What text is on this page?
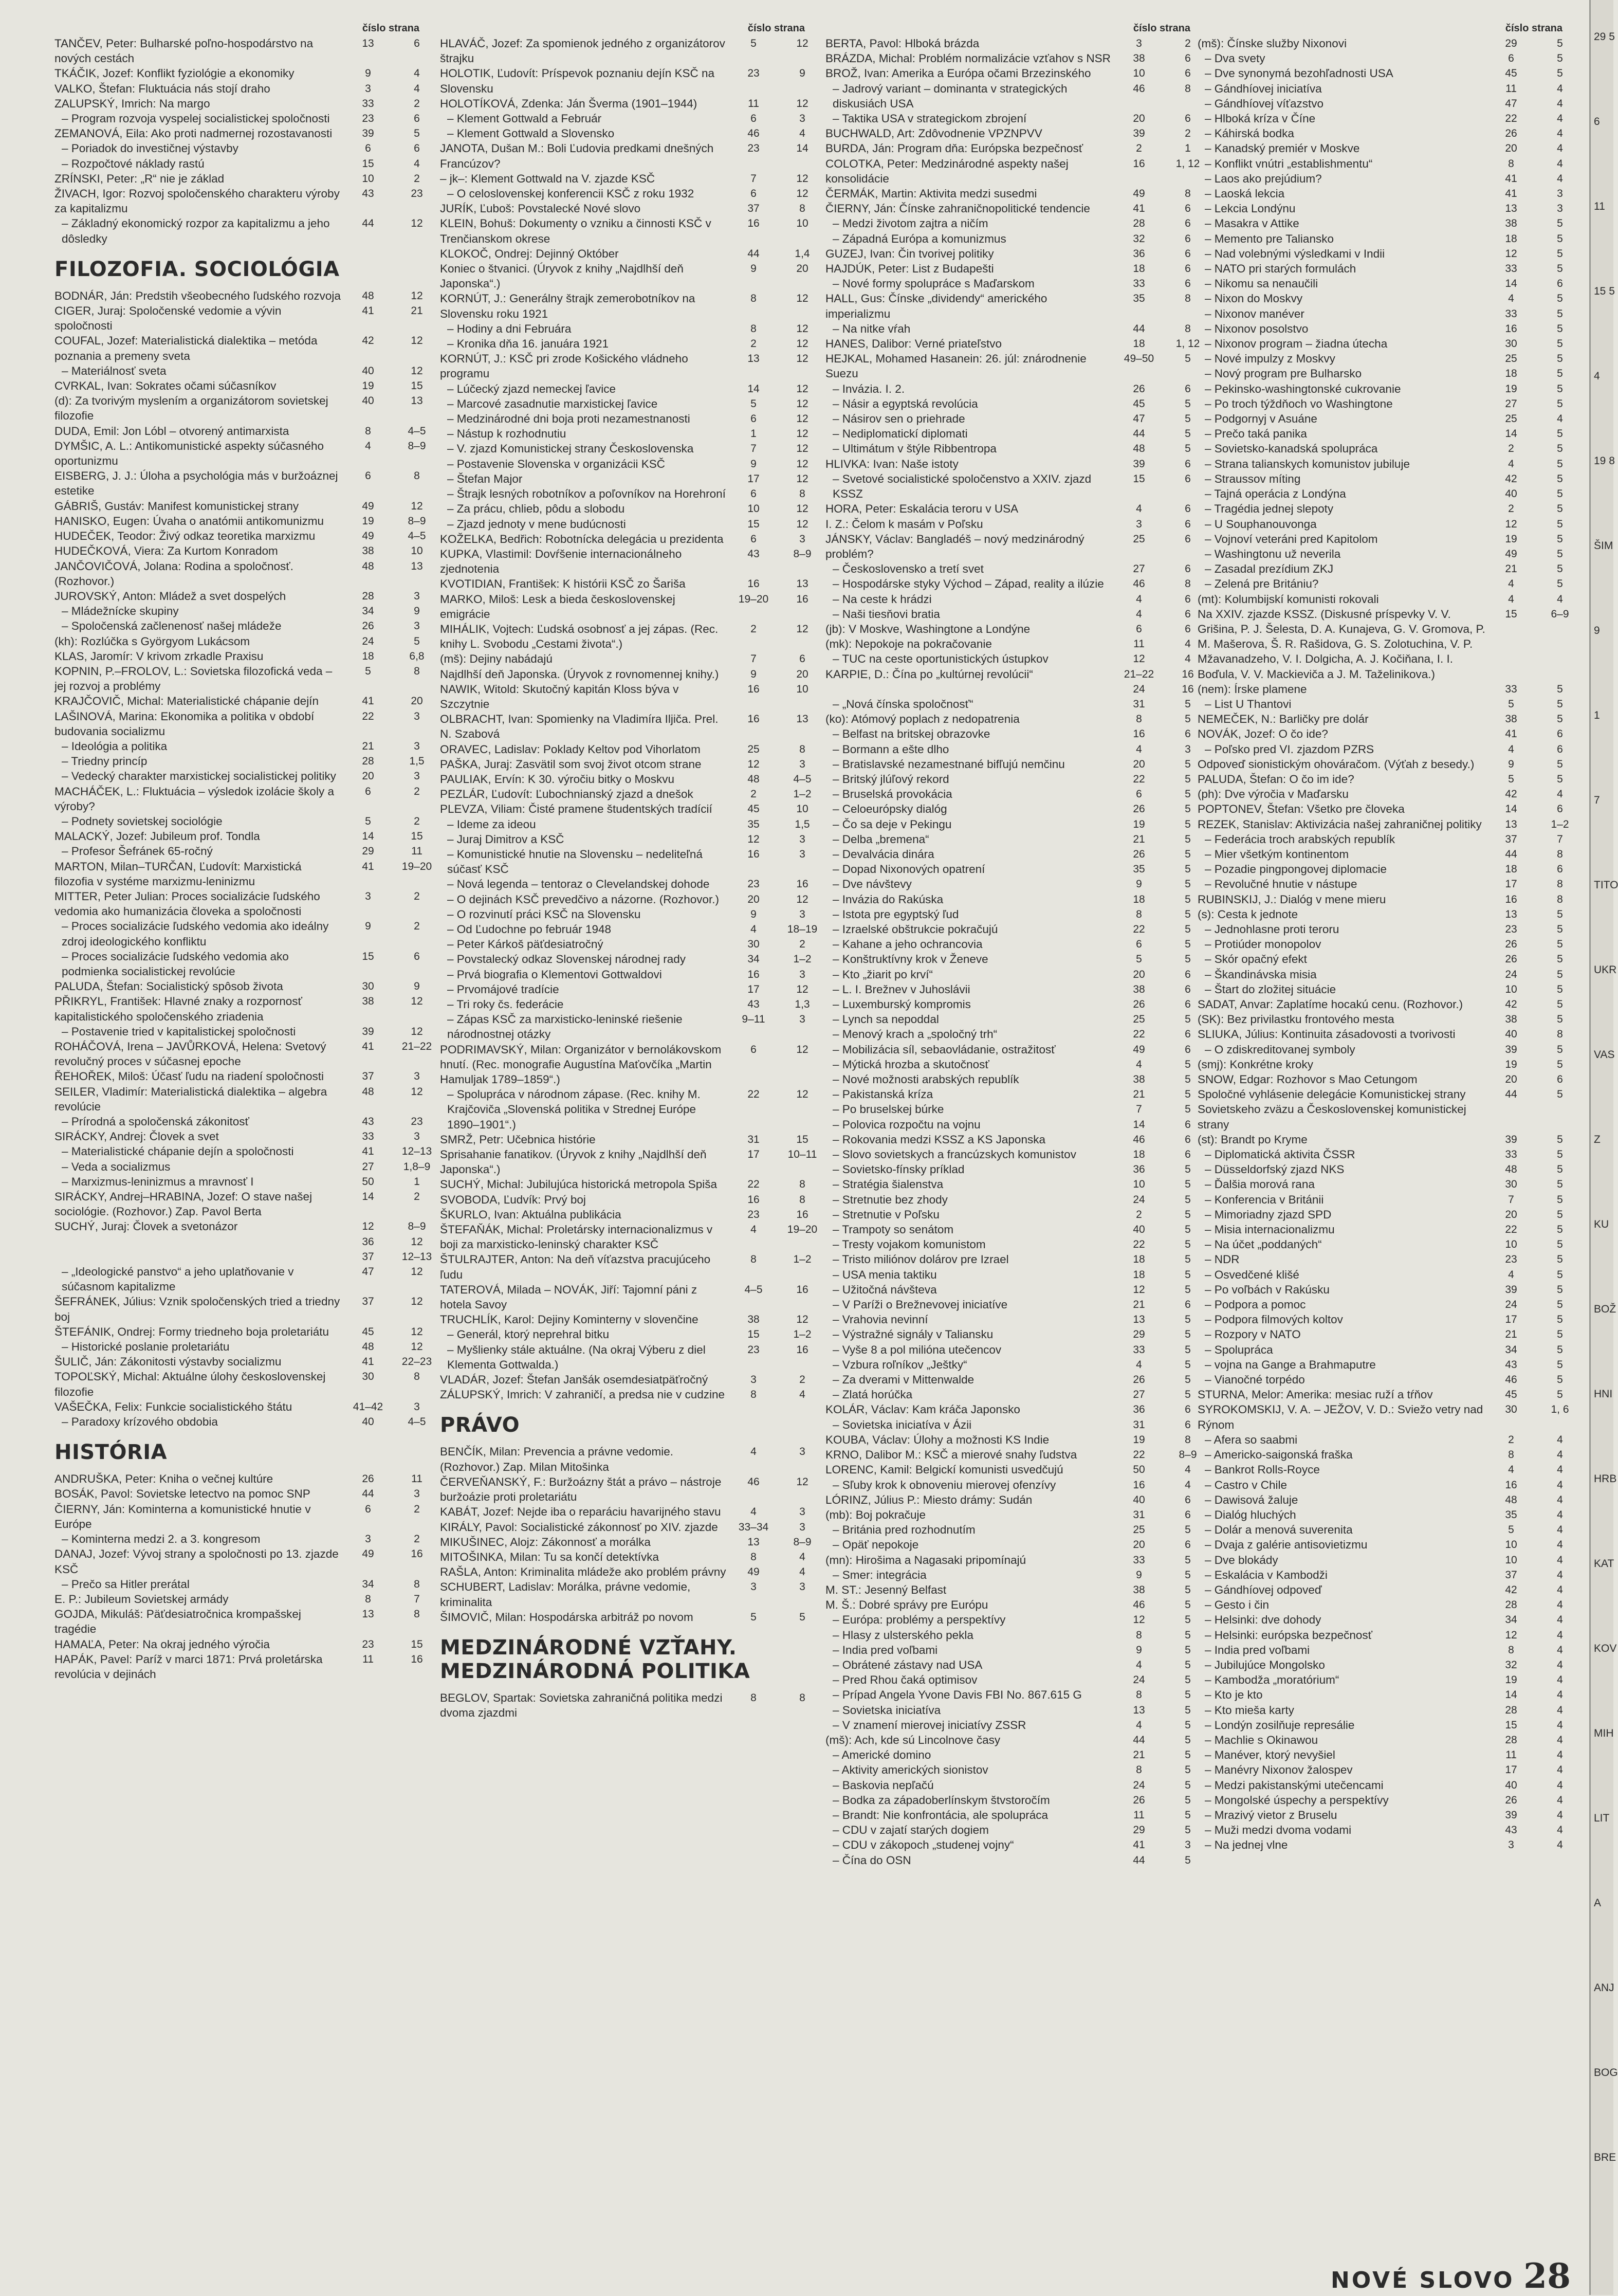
číslo strana
TANČEV, Peter: Bulharské poľno-hospodárstvo na nových cestách
13	6
TKÁČIK, Jozef: Konflikt fyziológie a ekonomiky	9	4
VALKO, Štefan: Fluktuácia nás stojí draho	3	4
ZALUPSKÝ, Imrich: Na margo	33	2
– Program rozvoja vyspelej socialistickej spoločnosti	23	6
ZEMANOVÁ, Eila: Ako proti nadmernej rozostavanosti	39	5
– Poriadok do investičnej výstavby	6	6
– Rozpočtové náklady rastú	15	4
ZRÍNSKI, Peter: „R“ nie je základ	10	2
ŽIVACH, Igor: Rozvoj spoločenského charakteru výroby za kapitalizmu
43	23
– Základný ekonomický rozpor za kapitalizmu a jeho dôsledky
44	12
FILOZOFIA. SOCIOLÓGIA
BODNÁR, Ján: Predstih všeobecného ľudského rozvoja	48	12
CIGER, Juraj: Spoločenské vedomie a vývin spoločnosti
41	21
COUFAL, Jozef: Materialistická dialektika – metóda poznania a premeny sveta
42	12
– Materiálnosť sveta	40	12
CVRKAL, Ivan: Sokrates očami súčasníkov	19	15
(d): Za tvorivým myslením a organizátorom sovietskej filozofie
40	13
DUDA, Emil: Jon Lóbl – otvorený antimarxista	8	4–5
DYMŠIC, A. L.: Antikomunistické aspekty súčasného oportunizmu
4	8–9
EISBERG, J. J.: Úloha a psychológia más v buržoáznej estetike
6	8
GÁBRIŠ, Gustáv: Manifest komunistickej strany	49	12
HANISKO, Eugen: Úvaha o anatómii antikomunizmu	19	8–9
HUDEČEK, Teodor: Živý odkaz teoretika marxizmu	49	4–5
HUDEČKOVÁ, Viera: Za Kurtom Konradom	38	10
JANČOVIČOVÁ, Jolana: Rodina a spoločnosť. (Rozhovor.)
48	13
JUROVSKÝ, Anton: Mládež a svet dospelých	28	3
– Mládežnícke skupiny	34	9
– Spoločenská začlenenosť našej mládeže	26	3
(kh): Rozlúčka s Györgyom Lukácsom	24	5
KLAS, Jaromír: V krivom zrkadle Praxisu	18	6,8
KOPNIN, P.–FROLOV, L.: Sovietska filozofická veda – jej rozvoj a problémy
5	8
KRAJČOVIČ, Michal: Materialistické chápanie dejín	41	20
LAŠINOVÁ, Marina: Ekonomika a politika v období budovania socializmu
22	3
– Ideológia a politika	21	3
– Triedny princíp	28	1,5
– Vedecký charakter marxistickej socialistickej politiky	20	3
MACHÁČEK, L.: Fluktuácia – výsledok izolácie školy a výroby?
6	2
– Podnety sovietskej sociológie	5	2
MALACKÝ, Jozef: Jubileum prof. Tondla	14	15
– Profesor Šefránek 65-ročný	29	11
MARTON, Milan–TURČAN, Ľudovít: Marxistická filozofia v systéme marxizmu-leninizmu
41	19–20
MITTER, Peter Julian: Proces socializácie ľudského vedomia ako humanizácia človeka a spoločnosti
3	2
– Proces socializácie ľudského vedomia ako ideálny zdroj ideologického konfliktu
9	2
– Proces socializácie ľudského vedomia ako podmienka socialistickej revolúcie
15	6
PALUDA, Štefan: Socialistický spôsob života	30	9
PŘIKRYL, František: Hlavné znaky a rozpornosť kapitalistického spoločenského zriadenia
38	12
– Postavenie tried v kapitalistickej spoločnosti	39	12
ROHÁČOVÁ, Irena – JAVŮRKOVÁ, Helena: Svetový revolučný proces v súčasnej epoche
41	21–22
ŘEHOŘEK, Miloš: Účasť ľudu na riadení spoločnosti	37	3
SEILER, Vladimír: Materialistická dialektika – algebra revolúcie
48	12
– Prírodná a spoločenská zákonitosť	43	23
SIRÁCKY, Andrej: Človek a svet	33	3
– Materialistické chápanie dejín a spoločnosti	41	12–13
– Veda a socializmus	27	1,8–9
– Marxizmus-leninizmus a mravnosť I	50	1
SIRÁCKY, Andrej–HRABINA, Jozef: O stave našej sociológie. (Rozhovor.) Zap. Pavol Berta
14	2
SUCHÝ, Juraj: Človek a svetonázor	12	8–9
36	12
37	12–13
– „Ideologické panstvo“ a jeho uplatňovanie v súčasnom kapitalizme
47	12
ŠEFRÁNEK, Július: Vznik spoločenských tried a triedny boj
37	12
ŠTEFÁNIK, Ondrej: Formy triedneho boja proletariátu	45	12
– Historické poslanie proletariátu	48	12
ŠULIČ, Ján: Zákonitosti výstavby socializmu	41	22–23
TOPOĽSKÝ, Michal: Aktuálne úlohy československej filozofie
30	8
VAŠEČKA, Felix: Funkcie socialistického štátu	41–42	3
– Paradoxy krízového obdobia	40	4–5
HISTÓRIA
ANDRUŠKA, Peter: Kniha o večnej kultúre	26	11
BOSÁK, Pavol: Sovietske letectvo na pomoc SNP	44	3
ČIERNY, Ján: Kominterna a komunistické hnutie v Európe
6	2
– Kominterna medzi 2. a 3. kongresom	3	2
DANAJ, Jozef: Vývoj strany a spoločnosti po 13. zjazde KSČ
49	16
– Prečo sa Hitler prerátal	34	8
E. P.: Jubileum Sovietskej armády	8	7
GOJDA, Mikuláš: Päťdesiatročnica krompašskej tragédie
13	8
HAMAĽA, Peter: Na okraj jedného výročia	23	15
HAPÁK, Pavel: Paríž v marci 1871: Prvá proletárska revolúcia v dejinách
11	16
číslo strana
HLAVÁČ, Jozef: Za spomienok jedného z organizátorov štrajku
5	12
HOLOTIK, Ľudovít: Príspevok poznaniu dejín KSČ na Slovensku
23	9
HOLOTÍKOVÁ, Zdenka: Ján Šverma (1901–1944)	11	12
– Klement Gottwald a Február	6	3
– Klement Gottwald a Slovensko	46	4
JANOTA, Dušan M.: Boli Ľudovia predkami dnešných Francúzov?
23	14
– jk–: Klement Gottwald na V. zjazde KSČ	7	12
– O celoslovenskej konferencii KSČ z roku 1932	6	12
JURÍK, Ľuboš: Povstalecké Nové slovo	37	8
KLEIN, Bohuš: Dokumenty o vzniku a činnosti KSČ v Trenčianskom okrese
16	10
KLOKOČ, Ondrej: Dejinný Október	44	1,4
Koniec o štvanici. (Úryvok z knihy „Najdlhší deň Japonska“.)
9	20
KORNÚT, J.: Generálny štrajk zemerobotníkov na Slovensku roku 1921
8	12
– Hodiny a dni Februára	8	12
– Kronika dňa 16. januára 1921	2	12
KORNÚT, J.: KSČ pri zrode Košického vládneho programu
13	12
– Lúčecký zjazd nemeckej ľavice	14	12
– Marcové zasadnutie marxistickej ľavice	5	12
– Medzinárodné dni boja proti nezamestnanosti	6	12
– Nástup k rozhodnutiu	1	12
– V. zjazd Komunistickej strany Československa	7	12
– Postavenie Slovenska v organizácii KSČ	9	12
– Štefan Major	17	12
– Štrajk lesných robotníkov a poľovníkov na Horehroní	6	8
– Za prácu, chlieb, pôdu a slobodu	10	12
– Zjazd jednoty v mene budúcnosti	15	12
KOŽELKA, Bedřich: Robotnícka delegácia u prezidenta	6	3
KUPKA, Vlastimil: Dovŕšenie internacionálneho zjednotenia
43	8–9
KVOTIDIAN, František: K histórii KSČ zo Šariša	16	13
MARKO, Miloš: Lesk a bieda československej emigrácie
19–20	16
MIHÁLIK, Vojtech: Ľudská osobnosť a jej zápas. (Rec. knihy L. Svobodu „Cestami života“.)
2	12
(mš): Dejiny nabádajú	7	6
Najdlhší deň Japonska. (Úryvok z rovnomennej knihy.)	9	20
NAWIK, Witold: Skutočný kapitán Kloss býva v Szczytnie
16	10
OLBRACHT, Ivan: Spomienky na Vladimíra Iljiča. Prel. N. Szabová
16	13
ORAVEC, Ladislav: Poklady Keltov pod Vihorlatom	25	8
PAŠKA, Juraj: Zasvätil som svoj život otcom strane	12	3
PAULIAK, Ervín: K 30. výročiu bitky o Moskvu	48	4–5
PEZLÁR, Ľudovít: Ľubochnianský zjazd a dnešok	2	1–2
PLEVZA, Viliam: Čisté pramene študentských tradícií	45	10
– Ideme za ideou	35	1,5
– Juraj Dimitrov a KSČ	12	3
– Komunistické hnutie na Slovensku – nedeliteľná súčasť KSČ
16	3
– Nová legenda – tentoraz o Clevelandskej dohode	23	16
– O dejinách KSČ prevedčivo a názorne. (Rozhovor.)	20	12
– O rozvinutí práci KSČ na Slovensku	9	3
– Od Ľudochne po február 1948	4	18–19
– Peter Kárkoš päťdesiatročný	30	2
– Povstalecký odkaz Slovenskej národnej rady	34	1–2
– Prvá biografia o Klementovi Gottwaldovi	16	3
– Prvomájové tradície	17	12
– Tri roky čs. federácie	43	1,3
– Zápas KSČ za marxisticko-leninské riešenie národnostnej otázky
9–11	3
PODRIMAVSKÝ, Milan: Organizátor v bernolákovskom hnutí. (Rec. monografie Augustína Maťovčíka „Martin Hamuljak 1789–1859“.)
6	12
– Spolupráca v národnom zápase. (Rec. knihy M. Krajčoviča „Slovenská politika v Strednej Európe 1890–1901“.)
22	12
SMRŽ, Petr: Učebnica histórie	31	15
Sprisahanie fanatikov. (Úryvok z knihy „Najdlhší deň Japonska“.)
17	10–11
SUCHÝ, Michal: Jubilujúca historická metropola Spiša	22	8
SVOBODA, Ľudvík: Prvý boj	16	8
ŠKURLO, Ivan: Aktuálna publikácia	23	16
ŠTEFAŇÁK, Michal: Proletársky internacionalizmus v boji za marxisticko-leninský charakter KSČ
4	19–20
ŠTULRAJTER, Anton: Na deň víťazstva pracujúceho ľudu
8	1–2
TATEROVÁ, Milada – NOVÁK, Jiří: Tajomní páni z hotela Savoy
4–5	16
TRUCHLÍK, Karol: Dejiny Kominterny v slovenčine	38	12
– Generál, ktorý neprehral bitku	15	1–2
– Myšlienky stále aktuálne. (Na okraj Výberu z diel Klementa Gottwalda.)
23	16
VLADÁR, Jozef: Štefan Janšák osemdesiatpäťročný	3	2
ZÁLUPSKÝ, Imrich: V zahraničí, a predsa nie v cudzine	8	4
PRÁVO
BENČÍK, Milan: Prevencia a právne vedomie. (Rozhovor.) Zap. Milan Mitošinka
4	3
ČERVEŇANSKÝ, F.: Buržoázny štát a právo – nástroje buržoázie proti proletariátu
46	12
KABÁT, Jozef: Nejde iba o reparáciu havarijného stavu	4	3
KIRÁLY, Pavol: Socialistické zákonnosť po XIV. zjazde	33–34	3
MIKUŠINEC, Alojz: Zákonnosť a morálka	13	8–9
MITOŠINKA, Milan: Tu sa končí detektívka	8	4
RAŠLA, Anton: Kriminalita mládeže ako problém právny	49	4
SCHUBERT, Ladislav: Morálka, právne vedomie, kriminalita
3	3
ŠIMOVIČ, Milan: Hospodárska arbitráž po novom	5	5
MEDZINÁRODNÉ VZŤAHY. MEDZINÁRODNÁ POLITIKA
BEGLOV, Spartak: Sovietska zahraničná politika medzi dvoma zjazdmi
8	8
číslo strana
BERTA, Pavol: Hlboká brázda	3	2
BRÁZDA, Michal: Problém normalizácie vzťahov s NSR	38	6
BROŽ, Ivan: Amerika a Európa očami Brzezinského	10	6
– Jadrový variant – dominanta v strategických diskusiách USA
46	8
– Taktika USA v strategickom zbrojení	20	6
BUCHWALD, Art: Zdôvodnenie VPZNPVV	39	2
BURDA, Ján: Program dňa: Európska bezpečnosť	2	1
COLOTKA, Peter: Medzinárodné aspekty našej konsolidácie
16	1, 12
ČERMÁK, Martin: Aktivita medzi susedmi	49	8
ČIERNY, Ján: Čínske zahraničnopolitické tendencie	41	6
– Medzi životom zajtra a ničím	28	6
– Západná Európa a komunizmus	32	6
GUZEJ, Ivan: Čin tvorivej politiky	36	6
HAJDÚK, Peter: List z Budapešti	18	6
– Nové formy spolupráce s Maďarskom	33	6
HALL, Gus: Čínske „dividendy“ amerického imperializmu
35	8
– Na nitke vŕah	44	8
HANES, Dalibor: Verné priateľstvo	18	1, 12
HEJKAL, Mohamed Hasanein: 26. júl: znárodnenie Suezu
49–50	5
– Invázia. I. 2.	26	6
– Násir a egyptská revolúcia	45	5
– Násirov sen o priehrade	47	5
– Nediplomatickí diplomati	44	5
– Ultimátum v štýle Ribbentropa	48	5
HLIVKA: Ivan: Naše istoty	39	6
– Svetové socialistické spoločenstvo a XXIV. zjazd KSSZ
15	6
HORA, Peter: Eskalácia teroru v USA	4	6
I. Z.: Čelom k masám v Poľsku	3	6
JÁNSKY, Václav: Bangladéš – nový medzinárodný problém?
25	6
– Československo a tretí svet	27	6
– Hospodárske styky Východ – Západ, reality a ilúzie	46	8
– Na ceste k hrádzi	4	6
– Naši tiesňovi bratia	4	6
(jb): V Moskve, Washingtone a Londýne	6	6
(mk): Nepokoje na pokračovanie	11	4
– TUC na ceste oportunistických ústupkov	12	4
KARPIE, D.: Čína po „kultúrnej revolúcii“	21–22	16
24	16
– „Nová čínska spoločnosť“	31	5
(ko): Atómový poplach z nedopatrenia	8	5
– Belfast na britskej obrazovke	16	6
– Bormann a ešte dlho	4	3
– Bratislavské nezamestnané bifľujú nemčinu	20	5
– Britský jlúľový rekord	22	5
– Bruselská provokácia	6	5
– Celoeurópsky dialóg	26	5
– Čo sa deje v Pekingu	19	5
– Delba „bremena“	21	5
– Devalvácia dinára	26	5
– Dopad Nixonových opatrení	35	5
– Dve návštevy	9	5
– Invázia do Rakúska	18	5
– Istota pre egyptský ľud	8	5
– Izraelské obštrukcie pokračujú	22	5
– Kahane a jeho ochrancovia	6	5
– Konštruktívny krok v Ženeve	5	5
– Kto „žiarit po krví“	20	6
– L. I. Brežnev v Juhoslávii	38	6
– Luxemburský kompromis	26	6
– Lynch sa nepoddal	25	5
– Menový krach a „spoločný trh“	22	6
– Mobilizácia síl, sebaovládanie, ostražitosť	49	6
– Mýtická hrozba a skutočnosť	4	5
– Nové možnosti arabských republík	38	5
– Pakistanská kríza	21	5
– Po bruselskej búrke	7	5
– Polovica rozpočtu na vojnu	14	6
– Rokovania medzi KSSZ a KS Japonska	46	6
– Slovo sovietskych a francúzskych komunistov	18	6
– Sovietsko-fínsky príklad	36	5
– Stratégia šialenstva	10	5
– Stretnutie bez zhody	24	5
– Stretnutie v Poľsku	2	5
– Trampoty so senátom	40	5
– Tresty vojakom komunistom	22	5
– Tristo miliónov dolárov pre Izrael	18	5
– USA menia taktiku	18	5
– Užitočná návšteva	12	5
– V Paríži o Brežnevovej iniciatíve	21	6
– Vrahovia nevinní	13	5
– Výstražné signály v Taliansku	29	5
– Vyše 8 a pol milióna utečencov	33	5
– Vzbura roľníkov „Ještky“	4	5
– Za dverami v Mittenwalde	26	5
– Zlatá horúčka	27	5
KOLÁR, Václav: Kam kráča Japonsko	36	6
– Sovietska iniciatíva v Ázii	31	6
KOUBA, Václav: Úlohy a možnosti KS Indie	19	8
KRNO, Dalibor M.: KSČ a mierové snahy ľudstva	22	8–9
LORENC, Kamil: Belgickí komunisti usvedčujú	50	4
– Sľuby krok k obnoveniu mierovej ofenzívy	16	4
LÓRINZ, Július P.: Miesto drámy: Sudán	40	6
(mb): Boj pokračuje	31	6
– Británia pred rozhodnutím	25	5
– Opäť nepokoje	20	6
(mn): Hirošima a Nagasaki pripomínajú	33	5
– Smer: integrácia	9	5
M. ST.: Jesenný Belfast	38	5
M. Š.: Dobré správy pre Európu	46	5
– Európa: problémy a perspektívy	12	5
– Hlasy z ulsterského pekla	8	5
– India pred voľbami	9	5
– Obrátené zástavy nad USA	4	5
– Pred Rhou čaká optimisov	24	5
– Prípad Angela Yvone Davis FBI No. 867.615 G	8	5
– Sovietska iniciatíva	13	5
– V znamení mierovej iniciatívy ZSSR	4	5
(mš): Ach, kde sú Lincolnove časy	44	5
– Americké domino	21	5
– Aktivity amerických sionistov	8	5
– Baskovia nepľačú	24	5
– Bodka za západoberlínskym štvstoročím	26	5
– Brandt: Nie konfrontácia, ale spolupráca	11	5
– CDU v zajatí starých dogiem	29	5
– CDU v zákopoch „studenej vojny“	41	3
– Čína do OSN	44	5
číslo strana
(mš): Čínske služby Nixonovi	29	5
– Dva svety	6	5
– Dve synonymá bezohľadnosti USA	45	5
– Gándhíovej iniciatíva	11	4
– Gándhíovej víťazstvo	47	4
– Hlboká kríza v Číne	22	4
– Káhirská bodka	26	4
– Kanadský premiér v Moskve	20	4
– Konflikt vnútri „establishmentu“	8	4
– Laos ako prejúdium?	41	4
– Laoská lekcia	41	3
– Lekcia Londýnu	13	3
– Masakra v Attike	38	5
– Memento pre Taliansko	18	5
– Nad volebnými výsledkami v Indii	12	5
– NATO pri starých formulách	33	5
– Nikomu sa nenaučili	14	6
– Nixon do Moskvy	4	5
– Nixonov manéver	33	5
– Nixonov posolstvo	16	5
– Nixonov program – žiadna útecha	30	5
– Nové impulzy z Moskvy	25	5
– Nový program pre Bulharsko	18	5
– Pekinsko-washingtonské cukrovanie	19	5
– Po troch týždňoch vo Washingtone	27	5
– Podgornyj v Asuáne	25	4
– Prečo taká panika	14	5
– Sovietsko-kanadská spolupráca	2	5
– Strana talianskych komunistov jubiluje	4	5
– Straussov míting	42	5
– Tajná operácia z Londýna	40	5
– Tragédia jednej slepoty	2	5
– U Souphanouvonga	12	5
– Vojnoví veteráni pred Kapitolom	19	5
– Washingtonu už neverila	49	5
– Zasadal prezídium ZKJ	21	5
– Zelená pre Britániu?	4	5
(mt): Kolumbijskí komunisti rokovali	4	4
Na XXIV. zjazde KSSZ. (Diskusné príspevky V. V. Grišina, P. J. Šelesta, D. A. Kunajeva, G. V. Gromova, P. M. Mašerova, Š. R. Rašidova, G. S. Zolotuchina, V. P. Mžavanadzeho, V. I. Dolgicha, A. J. Kočiňana, I. I. Boďula, V. V. Mackieviča a J. M. Taželinikova.)
15	6–9
(nem): Írske plamene	33	5
– List U Thantovi	5	5
NEMEČEK, N.: Barličky pre dolár	38	5
NOVÁK, Jozef: O čo ide?	41	6
– Poľsko pred VI. zjazdom PZRS	4	6
Odpoveď sionistickým ohováračom. (Výťah z besedy.)	9	5
PALUDA, Štefan: O čo im ide?	5	5
(ph): Dve výročia v Maďarsku	42	4
POPTONEV, Štefan: Všetko pre človeka	14	6
REZEK, Stanislav: Aktivizácia našej zahraničnej politiky	13	1–2
– Federácia troch arabských republík	37	7
– Mier všetkým kontinentom	44	8
– Pozadie pingpongovej diplomacie	18	6
– Revolučné hnutie v nástupe	17	8
RUBINSKIJ, J.: Dialóg v mene mieru	16	8
(s): Cesta k jednote	13	5
– Jednohlasne proti teroru	23	5
– Protiúder monopolov	26	5
– Skór opačný efekt	26	5
– Škandinávska misia	24	5
– Štart do zložitej situácie	10	5
SADAT, Anvar: Zaplatíme hocakú cenu. (Rozhovor.)	42	5
(SK): Bez privilastku frontového mesta	38	5
SLIUKA, Július: Kontinuita zásadovosti a tvorivosti	40	8
– O zdiskreditovanej symboly	39	5
(smj): Konkrétne kroky	19	5
SNOW, Edgar: Rozhovor s Mao Cetungom	20	6
Spoločné vyhlásenie delegácie Komunistickej strany Sovietskeho zväzu a Československej komunistickej strany
44	5
(st): Brandt po Kryme	39	5
– Diplomatická aktivita ČSSR	33	5
– Düsseldorfský zjazd NKS	48	5
– Ďalšia morová rana	30	5
– Konferencia v Británii	7	5
– Mimoriadny zjazd SPD	20	5
– Misia internacionalizmu	22	5
– Na účet „poddaných“	10	5
– NDR	23	5
– Osvedčené klišé	4	5
– Po voľbách v Rakúsku	39	5
– Podpora a pomoc	24	5
– Podpora filmových koltov	17	5
– Rozpory v NATO	21	5
– Spolupráca	34	5
– vojna na Gange a Brahmaputre	43	5
– Vianočné torpédo	46	5
STURNA, Melor: Amerika: mesiac ruží a tŕňov	45	5
SYROKOMSKIJ, V. A. – JEŽOV, V. D.: Sviežo vetry nad Rýnom
30	1, 6
– Afera so saabmi	2	4
– Americko-saigonská fraška	8	4
– Bankrot Rolls-Royce	4	4
– Castro v Chile	16	4
– Dawisová žaluje	48	4
– Dialóg hluchých	35	4
– Dolár a menová suverenita	5	4
– Dvaja z galérie antisovietizmu	10	4
– Dve blokády	10	4
– Eskalácia v Kambodži	37	4
– Gándhíovej odpoveď	42	4
– Gesto i čin	28	4
– Helsinki: dve dohody	34	4
– Helsinki: európska bezpečnosť	12	4
– India pred voľbami	8	4
– Jubilujúce Mongolsko	32	4
– Kambodža „moratórium“	19	4
– Kto je kto	14	4
– Kto mieša karty	28	4
– Londýn zosilňuje represálie	15	4
– Machlie s Okinawou	28	4
– Manéver, ktorý nevyšiel	11	4
– Manévry Nixonov žalospev	17	4
– Medzi pakistanskými utečencami	40	4
– Mongolské úspechy a perspektívy	26	4
– Mrazivý vietor z Bruselu	39	4
– Muži medzi dvoma vodami	43	4
– Na jednej vlne	3	4
29 5
6
11
15 5
4
19 8
ŠIM
9
1
7
TITO
UKR
VAS
Z
KU
BOŽ
HNI
HRB
KAT
KOV
MIH
LIT
A
ANJ
BOG
BRE
NOVÉ SLOVO 28
